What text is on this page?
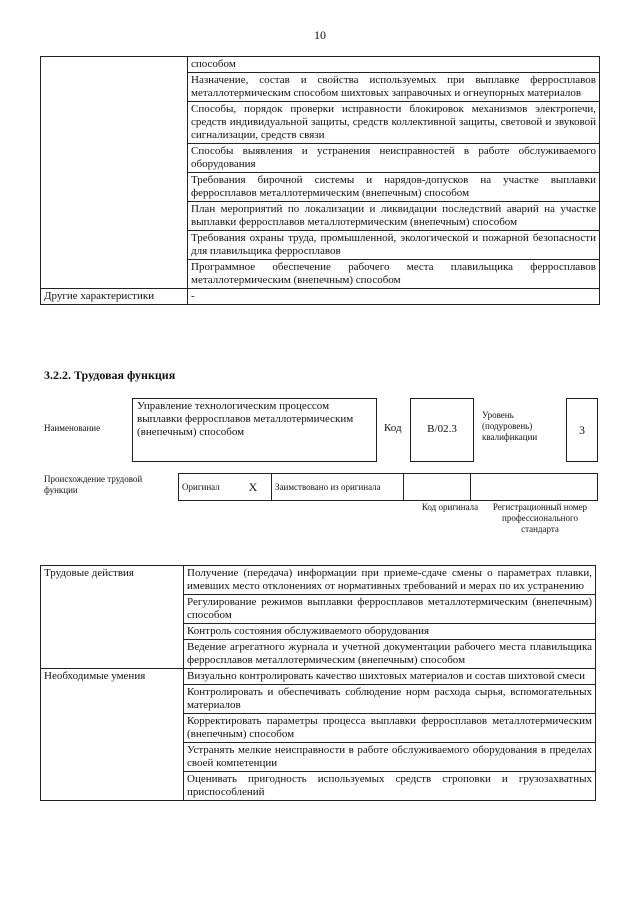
10
	способом
	Назначение, состав и свойства используемых при выплавке ферросплавов металлотермическим способом шихтовых заправочных и огнеупорных материалов
	Способы, порядок проверки исправности блокировок механизмов электропечи, средств индивидуальной защиты, средств коллективной защиты, световой и звуковой сигнализации, средств связи
	Способы выявления и устранения неисправностей в работе обслуживаемого оборудования
	Требования бирочной системы и нарядов-допусков на участке выплавки ферросплавов металлотермическим (внепечным) способом
	План мероприятий по локализации и ликвидации последствий аварий на участке выплавки ферросплавов металлотермическим (внепечным) способом
	Требования охраны труда, промышленной, экологической и пожарной безопасности для плавильщика ферросплавов
	Программное обеспечение рабочего места плавильщика ферросплавов металлотермическим (внепечным) способом
Другие характеристики	-
3.2.2. Трудовая функция
Наименование
Управление технологическим процессом выплавки ферросплавов металлотермическим (внепечным) способом	Код	B/02.3
Уровень (подуровень) квалификации	3
Происхождение трудовой функции	Оригинал	X	Заимствовано из оригинала		
Код оригинала	Регистрационный номер профессионального стандарта
Трудовые действия	Получение (передача) информации при приеме-сдаче смены о параметрах плавки, имевших место отклонениях от нормативных требований и мерах по их устранению
	Регулирование режимов выплавки ферросплавов металлотермическим (внепечным) способом
	Контроль состояния обслуживаемого оборудования
	Ведение агрегатного журнала и учетной документации рабочего места плавильщика ферросплавов металлотермическим (внепечным) способом
Необходимые умения	Визуально контролировать качество шихтовых материалов и состав шихтовой смеси
	Контролировать и обеспечивать соблюдение норм расхода сырья, вспомогательных материалов
	Корректировать параметры процесса выплавки ферросплавов металлотермическим (внепечным) способом
	Устранять мелкие неисправности в работе обслуживаемого оборудования в пределах своей компетенции
	Оценивать пригодность используемых средств строповки и грузозахватных приспособлений
